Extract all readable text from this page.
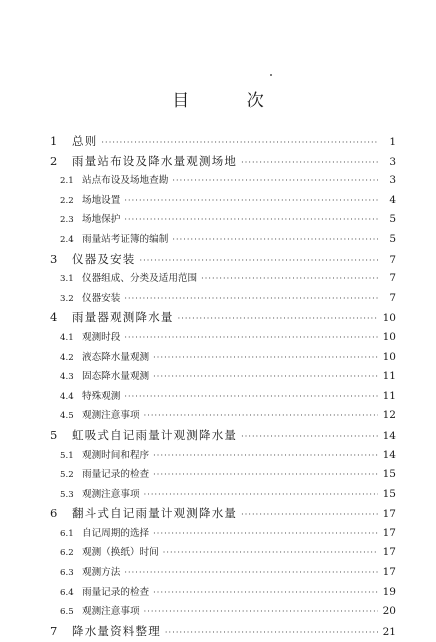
目 次
1	总则 ·····	1
2	雨量站布设及降水量观测场地 ·····	3
2.1 站点布设及场地查勘 ·····	3
2.2 场地设置 ·····	4
2.3 场地保护 ·····	5
2.4 雨量站考证簿的编制 ·····	5
3	仪器及安装 ·····	7
3.1 仪器组成、分类及适用范围 ·····	7
3.2 仪器安装 ·····	7
4	雨量器观测降水量 ·····	10
4.1 观测时段 ·····	10
4.2 液态降水量观测 ·····	10
4.3 固态降水量观测 ·····	11
4.4 特殊观测 ·····	11
4.5 观测注意事项 ·····	12
5	虹吸式自记雨量计观测降水量 ·····	14
5.1 观测时间和程序 ·····	14
5.2 雨量记录的检查 ·····	15
5.3 观测注意事项 ·····	15
6	翻斗式自记雨量计观测降水量 ·····	17
6.1 自记周期的选择 ·····	17
6.2 观测（换纸）时间 ·····	17
6.3 观测方法 ·····	17
6.4 雨量记录的检查 ·····	19
6.5 观测注意事项 ·····	20
7	降水量资料整理 ·····	21
